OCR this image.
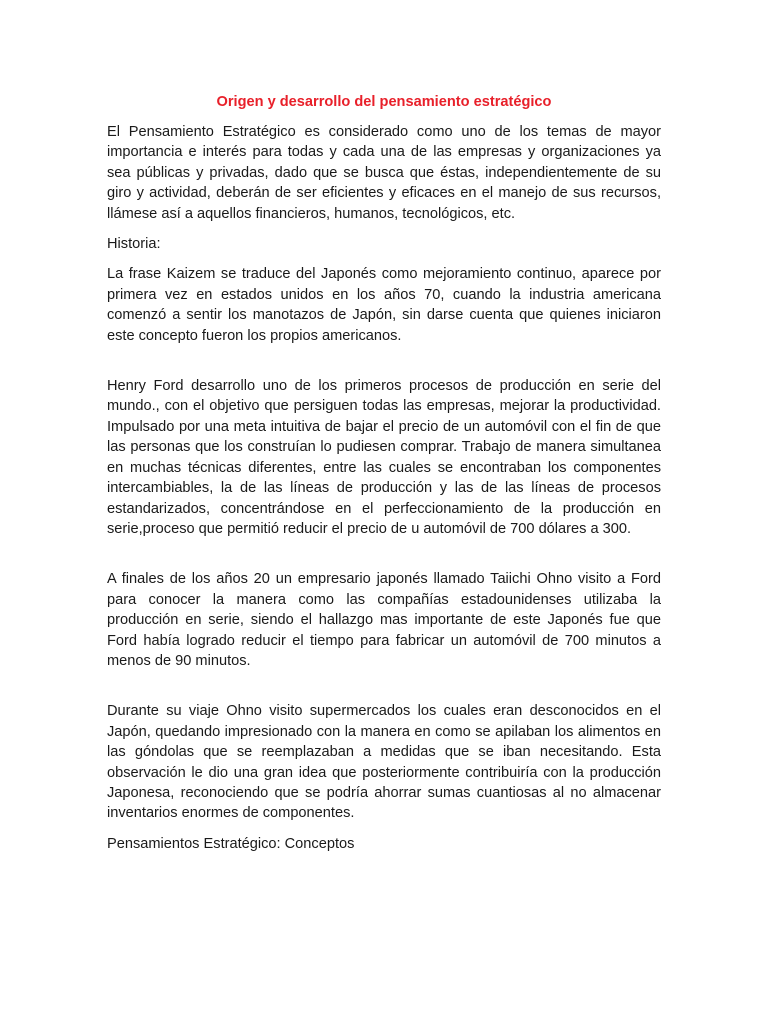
Origen y desarrollo del pensamiento estratégico

El Pensamiento Estratégico es considerado como uno de los temas de mayor importancia e interés para todas y cada una de las empresas y organizaciones ya sea públicas y privadas, dado que se busca que éstas, independientemente de su giro y actividad, deberán de ser eficientes y eficaces en el manejo de sus recursos, llámese así a aquellos financieros, humanos, tecnológicos, etc.

Historia:

La frase Kaizem se traduce del Japonés como mejoramiento continuo, aparece por primera vez en estados unidos en los años 70, cuando la industria americana comenzó a sentir los manotazos de Japón, sin darse cuenta que quienes iniciaron este concepto fueron los propios americanos.

Henry Ford desarrollo uno de los primeros procesos de producción en serie del mundo., con el objetivo que persiguen todas las empresas, mejorar la productividad. Impulsado por una meta intuitiva de bajar el precio de un automóvil con el fin de que las personas que los construían lo pudiesen comprar. Trabajo de manera simultanea en muchas técnicas diferentes, entre las cuales se encontraban los componentes intercambiables, la de las líneas de producción y las de las líneas de procesos estandarizados, concentrándose en el perfeccionamiento de la producción en serie,proceso que permitió reducir el precio de u automóvil de 700 dólares a 300.

A finales de los años 20 un empresario japonés llamado Taiichi Ohno visito a Ford para conocer la manera como las compañías estadounidenses utilizaba la producción en serie, siendo el hallazgo mas importante de este Japonés fue que Ford había logrado reducir el tiempo para fabricar un automóvil de 700 minutos a menos de 90 minutos.

Durante su viaje Ohno visito supermercados los cuales eran desconocidos en el Japón, quedando impresionado con la manera en como se apilaban los alimentos en las góndolas que se reemplazaban a medidas que se iban necesitando. Esta observación le dio una gran idea que posteriormente contribuiría con la producción Japonesa, reconociendo que se podría ahorrar sumas cuantiosas al no almacenar inventarios enormes de componentes.

Pensamientos Estratégico: Conceptos
